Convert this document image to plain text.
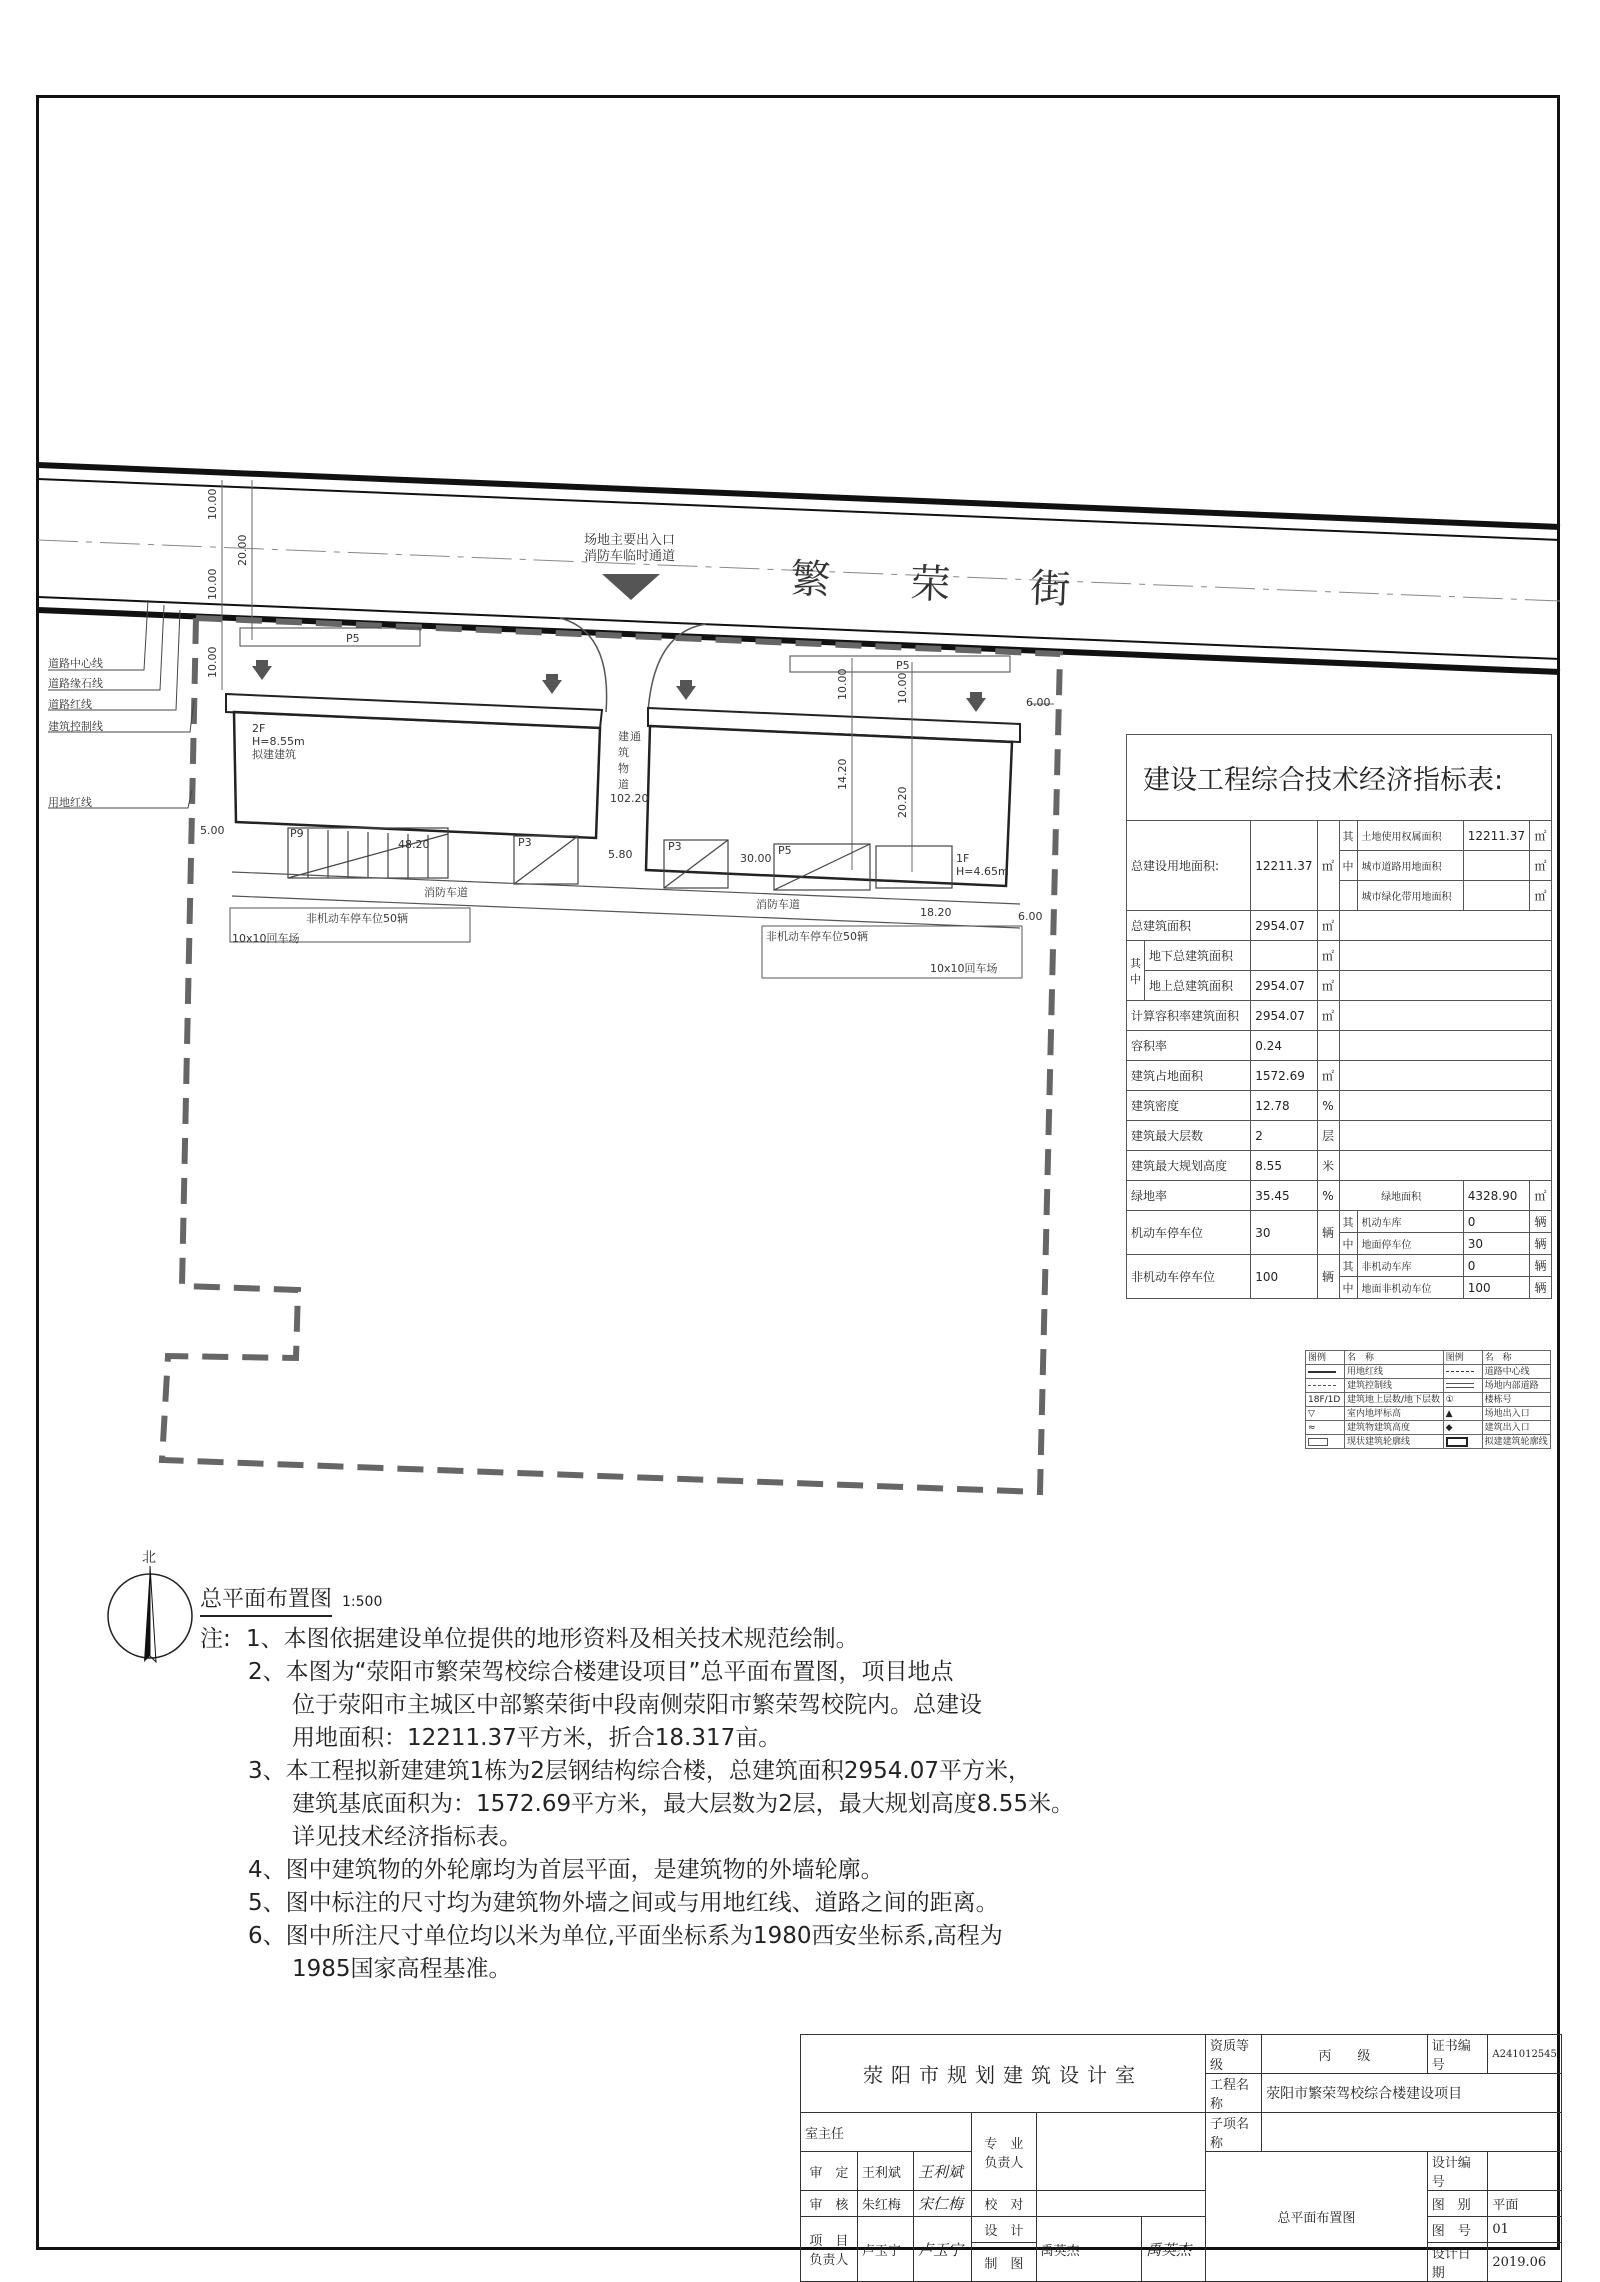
繁　　荣　　街
场地主要出入口
消防车临时通道
道路中心线
道路缘石线
道路红线
建筑控制线
用地红线
10.00
20.00
10.00
10.00
P5
P5
2F
H=8.55m
拟建建筑
1F
H=4.65m
建 通
筑
物
道
102.20
10.00	10.00
14.20
20.20
6.00
P9
P3	P3	P5
48.20
5.80	30.00
5.00
消防车道
消防车道
18.20	6.00
非机动车停车位50辆
10x10回车场	非机动车停车位50辆
10x10回车场
建设工程综合技术经济指标表:
总建设用地面积:		12211.37	㎡	其	土地使用权属面积	12211.37	㎡
				中	城市道路用地面积		㎡
					城市绿化带用地面积		㎡
总建筑面积		2954.07	㎡				
其
中	地下总建筑面积		㎡				
	地上总建筑面积	2954.07	㎡				
计算容积率建筑面积		2954.07	㎡				
容积率		0.24					
建筑占地面积		1572.69	㎡				
建筑密度		12.78	%				
建筑最大层数		2	层				
建筑最大规划高度		8.55	米				
绿地率		35.45	%	绿地面积		4328.90	㎡
机动车停车位		30	辆	其	机动车库	0	辆
				中	地面停车位	30	辆
非机动车停车位		100	辆	其	非机动车库	0	辆
				中	地面非机动车位	100	辆
图例	名　称	图例	名　称

	用地红线		道路中心线

	建筑控制线		场地内部道路
18F/1D	建筑地上层数/地下层数	①	楼栋号
▽	室内地坪标高	▲	场地出入口
≈	建筑物建筑高度	◆	建筑出入口

	现状建筑轮廓线		拟建建筑轮廓线
北
总平面布置图 1:500
注: 1、本图依据建设单位提供的地形资料及相关技术规范绘制。
2、本图为“荥阳市繁荣驾校综合楼建设项目”总平面布置图，项目地点
位于荥阳市主城区中部繁荣街中段南侧荥阳市繁荣驾校院内。总建设
用地面积：12211.37平方米，折合18.317亩。
3、本工程拟新建建筑1栋为2层钢结构综合楼，总建筑面积2954.07平方米，
建筑基底面积为：1572.69平方米，最大层数为2层，最大规划高度8.55米。
详见技术经济指标表。
4、图中建筑物的外轮廓均为首层平面，是建筑物的外墙轮廓。
5、图中标注的尺寸均为建筑物外墙之间或与用地红线、道路之间的距离。
6、图中所注尺寸单位均以米为单位,平面坐标系为1980西安坐标系,高程为
1985国家高程基准。
荥阳市规划建筑设计室						资质等级	丙　　级	证书编号	A241012545
						工程名称	荥阳市繁荣驾校综合楼建设项目		
室主任			专　业
负责人			子项名称			
审　定	王利斌	王利斌				总平面布置图		设计编号	
审　核	朱红梅	宋仁梅	校　对					图　别	平面
项　目
负责人	卢玉宁	卢玉宁	设　计	禹英杰	禹英杰			图　号	01
			制　图					设计日期	2019.06
